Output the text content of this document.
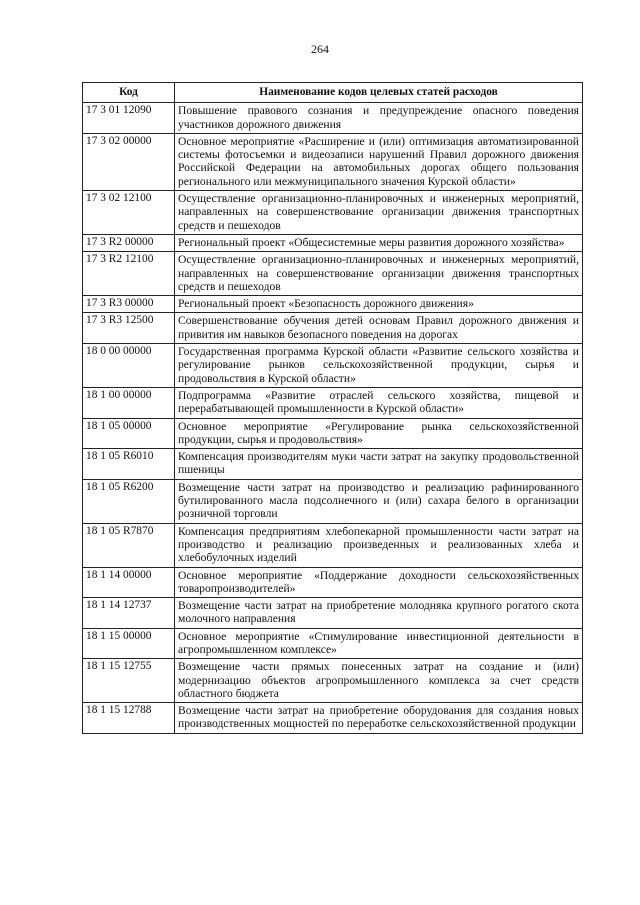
264
Код	Наименование кодов целевых статей расходов
17 3 01 12090	Повышение правового сознания и предупреждение опасного поведения участников дорожного движения
17 3 02 00000	Основное мероприятие «Расширение и (или) оптимизация автоматизированной системы фотосъемки и видеозаписи нарушений Правил дорожного движения Российской Федерации на автомобильных дорогах общего пользования регионального или межмуниципального значения Курской области»
17 3 02 12100	Осуществление организационно-планировочных и инженерных мероприятий, направленных на совершенствование организации движения транспортных средств и пешеходов
17 3 R2 00000	Региональный проект «Общесистемные меры развития дорожного хозяйства»
17 3 R2 12100	Осуществление организационно-планировочных и инженерных мероприятий, направленных на совершенствование организации движения транспортных средств и пешеходов
17 3 R3 00000	Региональный проект «Безопасность дорожного движения»
17 3 R3 12500	Совершенствование обучения детей основам Правил дорожного движения и привития им навыков безопасного поведения на дорогах
18 0 00 00000	Государственная программа Курской области «Развитие сельского хозяйства и регулирование рынков сельскохозяйственной продукции, сырья и продовольствия в Курской области»
18 1 00 00000	Подпрограмма «Развитие отраслей сельского хозяйства, пищевой и перерабатывающей промышленности в Курской области»
18 1 05 00000	Основное мероприятие «Регулирование рынка сельскохозяйственной продукции, сырья и продовольствия»
18 1 05 R6010	Компенсация производителям муки части затрат на закупку продовольственной пшеницы
18 1 05 R6200	Возмещение части затрат на производство и реализацию рафинированного бутилированного масла подсолнечного и (или) сахара белого в организации розничной торговли
18 1 05 R7870	Компенсация предприятиям хлебопекарной промышленности части затрат на производство и реализацию произведенных и реализованных хлеба и хлебобулочных изделий
18 1 14 00000	Основное мероприятие «Поддержание доходности сельскохозяйственных товаропроизводителей»
18 1 14 12737	Возмещение части затрат на приобретение молодняка крупного рогатого скота молочного направления
18 1 15 00000	Основное мероприятие «Стимулирование инвестиционной деятельности в агропромышленном комплексе»
18 1 15 12755	Возмещение части прямых понесенных затрат на создание и (или) модернизацию объектов агропромышленного комплекса за счет средств областного бюджета
18 1 15 12788	Возмещение части затрат на приобретение оборудования для создания новых производственных мощностей по переработке сельскохозяйственной продукции
